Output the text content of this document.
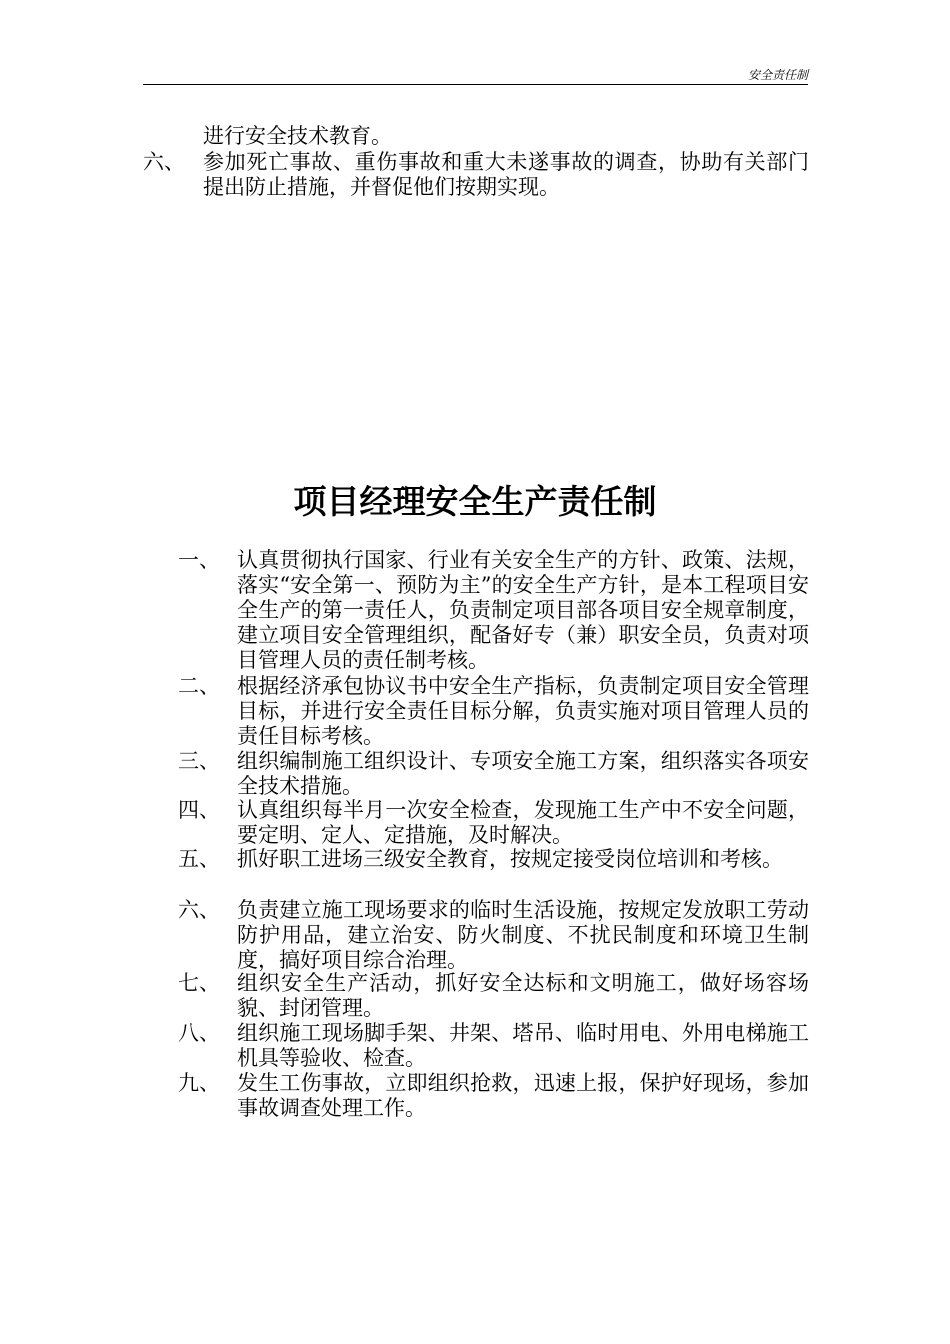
安全责任制
进行安全技术教育。
六、 参加死亡事故、重伤事故和重大未遂事故的调查，协助有关部门提出防止措施，并督促他们按期实现。
项目经理安全生产责任制
一、 认真贯彻执行国家、行业有关安全生产的方针、政策、法规，落实“安全第一、预防为主”的安全生产方针，是本工程项目安全生产的第一责任人，负责制定项目部各项目安全规章制度，建立项目安全管理组织，配备好专（兼）职安全员，负责对项目管理人员的责任制考核。
二、 根据经济承包协议书中安全生产指标，负责制定项目安全管理目标，并进行安全责任目标分解，负责实施对项目管理人员的责任目标考核。
三、 组织编制施工组织设计、专项安全施工方案，组织落实各项安全技术措施。
四、 认真组织每半月一次安全检查，发现施工生产中不安全问题，要定明、定人、定措施，及时解决。
五、 抓好职工进场三级安全教育，按规定接受岗位培训和考核。
六、 负责建立施工现场要求的临时生活设施，按规定发放职工劳动防护用品，建立治安、防火制度、不扰民制度和环境卫生制度，搞好项目综合治理。
七、 组织安全生产活动，抓好安全达标和文明施工，做好场容场貌、封闭管理。
八、 组织施工现场脚手架、井架、塔吊、临时用电、外用电梯施工机具等验收、检查。
九、 发生工伤事故，立即组织抢救，迅速上报，保护好现场，参加事故调查处理工作。
